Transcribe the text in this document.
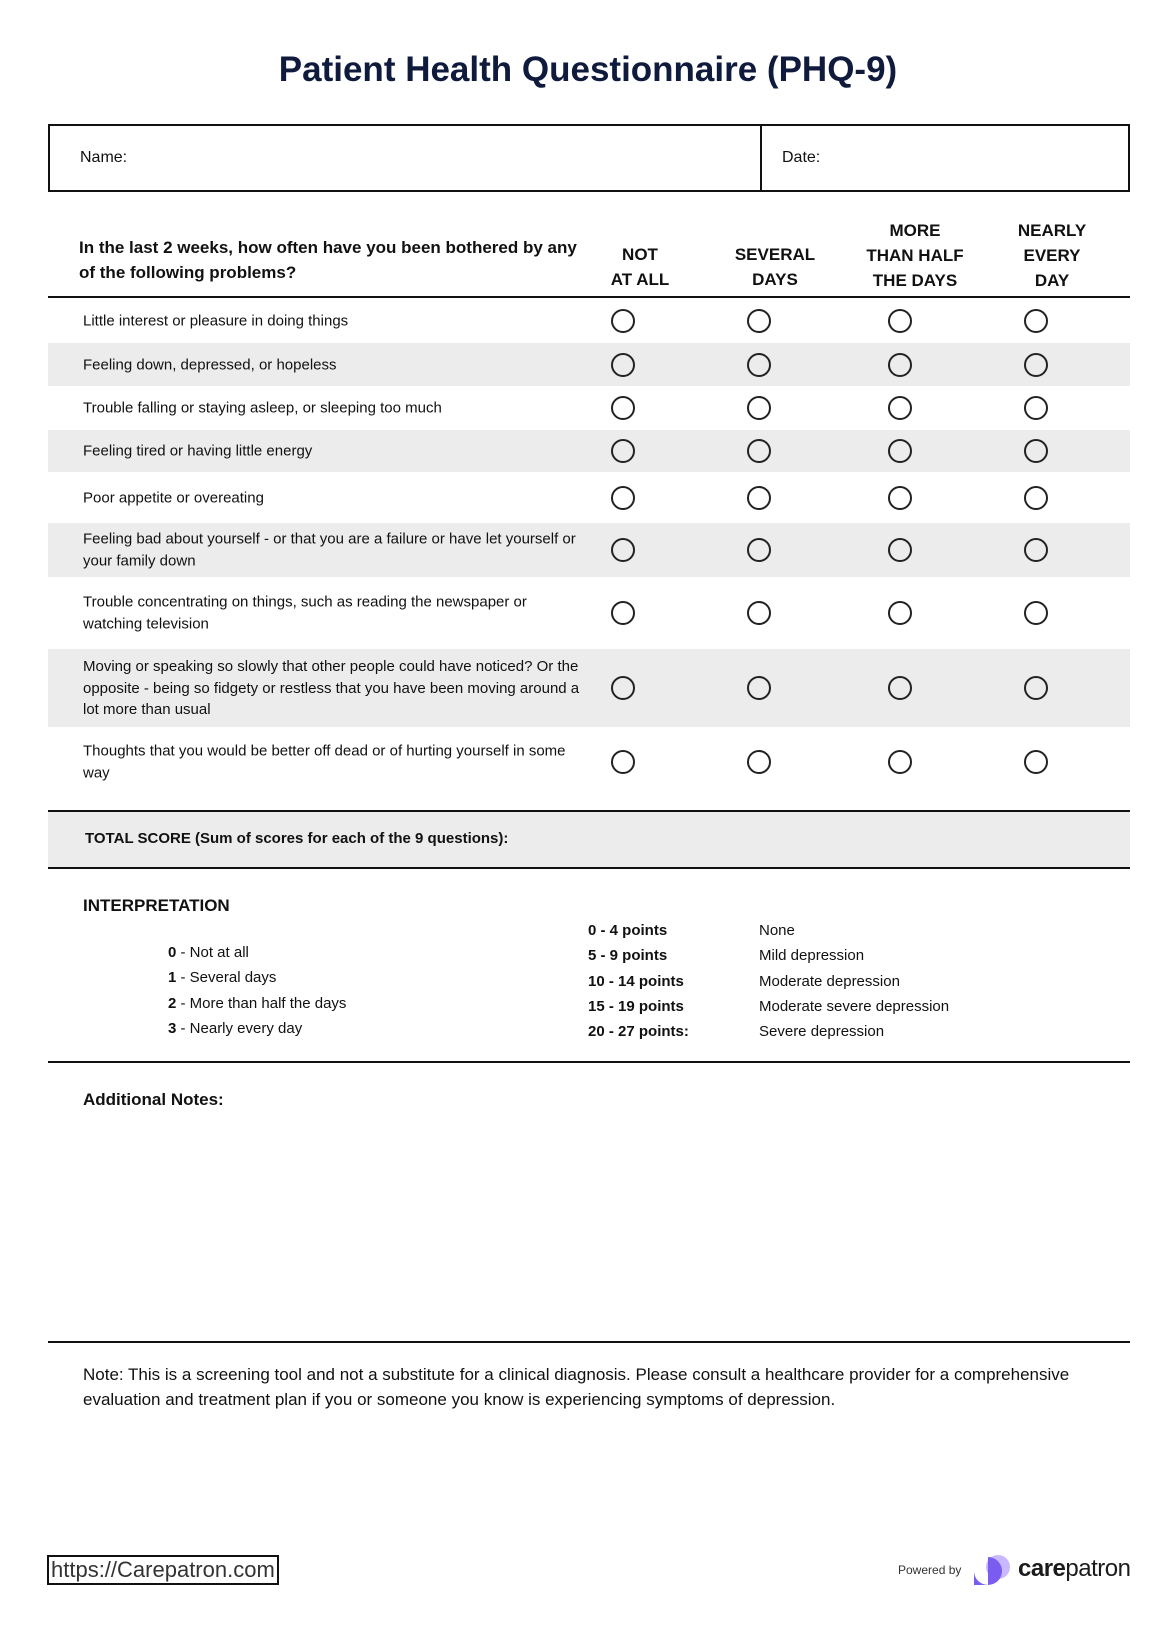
Patient Health Questionnaire (PHQ-9)
Name:	Date:
In the last 2 weeks, how often have you been bothered by any of the following problems?
NOT
AT ALL
SEVERAL
DAYS
MORE
THAN HALF
THE DAYS
NEARLY
EVERY
DAY
Little interest or pleasure in doing things
Feeling down, depressed, or hopeless
Trouble falling or staying asleep, or sleeping too much
Feeling tired or having little energy
Poor appetite or overeating
Feeling bad about yourself - or that you are a failure or have let yourself or your family down
Trouble concentrating on things, such as reading the newspaper or watching television
Moving or speaking so slowly that other people could have noticed? Or the opposite - being so fidgety or restless that you have been moving around a lot more than usual
Thoughts that you would be better off dead or of hurting yourself in some way
TOTAL SCORE (Sum of scores for each of the 9 questions):
INTERPRETATION
0 - Not at all
1 - Several days
2 - More than half the days
3 - Nearly every day
0 - 4 points	None
5 - 9 points	Mild depression
10 - 14 points	Moderate depression
15 - 19 points	Moderate severe depression
20 - 27 points:	Severe depression
Additional Notes:
Note: This is a screening tool and not a substitute for a clinical diagnosis. Please consult a healthcare provider for a comprehensive evaluation and treatment plan if you or someone you know is experiencing symptoms of depression.
https://Carepatron.com	Powered by carepatron
